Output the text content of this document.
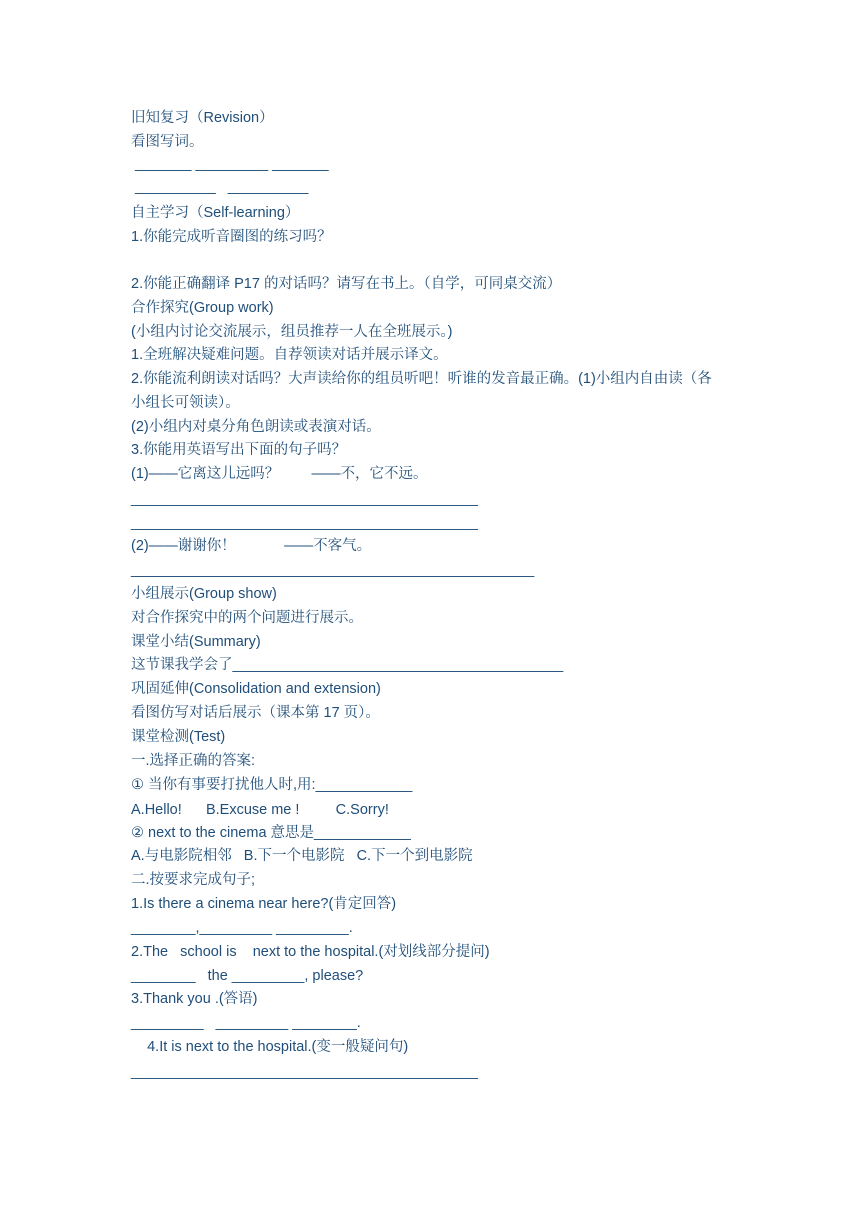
旧知复习（Revision）
看图写词。
_______ _________ _______
__________   __________
自主学习（Self-learning）
1.你能完成听音圈图的练习吗？
2.你能正确翻译 P17 的对话吗？请写在书上。（自学，可同桌交流）
合作探究(Group work)
(小组内讨论交流展示，组员推荐一人在全班展示。)
1.全班解决疑难问题。自荐领读对话并展示译文。
2.你能流利朗读对话吗？大声读给你的组员听吧！听谁的发音最正确。(1)小组内自由读（各
小组长可领读）。
(2)小组内对桌分角色朗读或表演对话。
3.你能用英语写出下面的句子吗？
(1)——它离这儿远吗？        ——不，它不远。
___________________________________________
___________________________________________
(2)——谢谢你！            ——不客气。
__________________________________________________
小组展示(Group show)
对合作探究中的两个问题进行展示。
课堂小结(Summary)
这节课我学会了_________________________________________
巩固延伸(Consolidation and extension)
看图仿写对话后展示（课本第 17 页）。
课堂检测(Test)
一.选择正确的答案:
① 当你有事要打扰他人时,用:____________
A.Hello!      B.Excuse me !         C.Sorry!
② next to the cinema 意思是____________
A.与电影院相邻   B.下一个电影院   C.下一个到电影院
二.按要求完成句子;
1.Is there a cinema near here?(肯定回答)
________,_________ _________.
2.The   school is    next to the hospital.(对划线部分提问)
________   the _________, please?
3.Thank you .(答语)
_________   _________ ________.
4.It is next to the hospital.(变一般疑问句)
___________________________________________
